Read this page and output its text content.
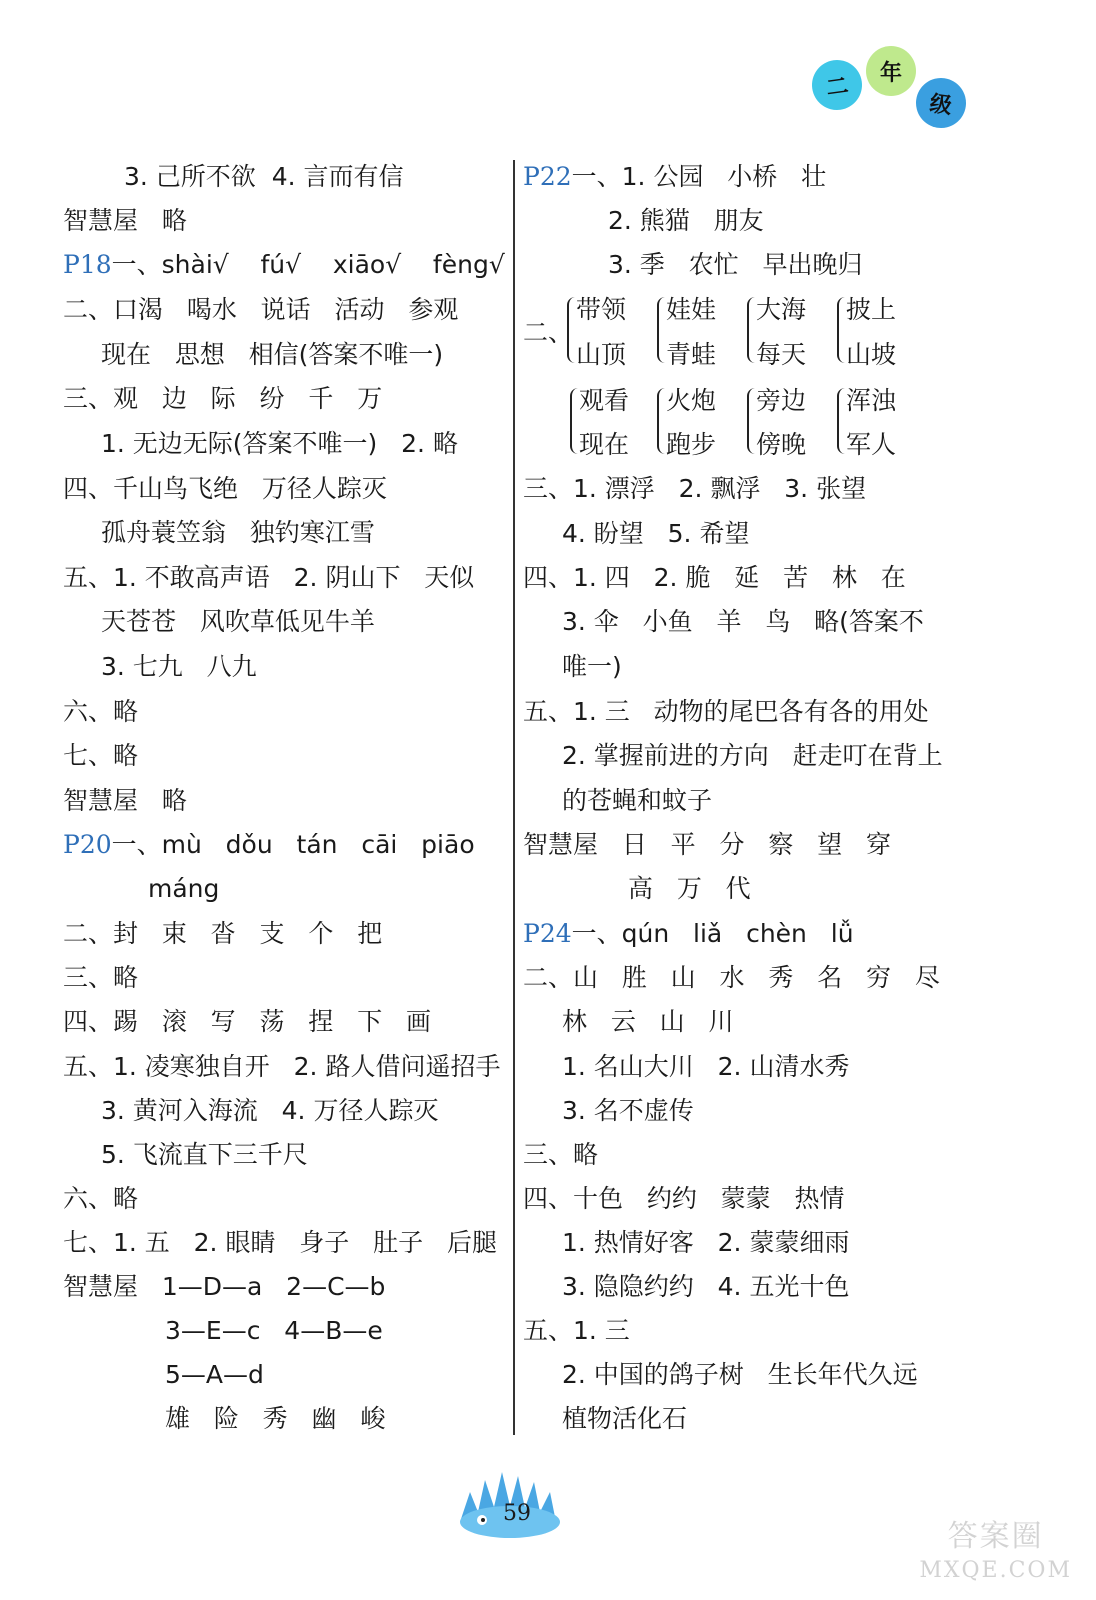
二
年
级
3. 己所不欲  4. 言而有信
智慧屋   略
P18一、shài√    fú√    xiāo√    fèng√
二、口渴   喝水   说话   活动   参观
现在   思想   相信(答案不唯一)
三、观   边   际   纷   千   万
1. 无边无际(答案不唯一)   2. 略
四、千山鸟飞绝   万径人踪灭
孤舟蓑笠翁   独钓寒江雪
五、1. 不敢高声语   2. 阴山下   天似
天苍苍   风吹草低见牛羊
3. 七九   八九
六、略
七、略
智慧屋   略
P20一、mù   dǒu   tán   cāi   piāo
máng
二、封   束   沓   支   个   把
三、略
四、踢   滚   写   荡   捏   下   画
五、1. 凌寒独自开   2. 路人借问遥招手
3. 黄河入海流   4. 万径人踪灭
5. 飞流直下三千尺
六、略
七、1. 五   2. 眼睛   身子   肚子   后腿
智慧屋   1—D—a   2—C—b
3—E—c   4—B—e
5—A—d
雄   险   秀   幽   峻
P22一、1. 公园   小桥   壮
2. 熊猫   朋友
3. 季   农忙   早出晚归
二、
带领
山顶
娃娃
青蛙
大海
每天
披上
山坡
观看
现在
火炮
跑步
旁边
傍晚
浑浊
军人
三、1. 漂浮   2. 飘浮   3. 张望
4. 盼望   5. 希望
四、1. 四   2. 脆   延   苦   林   在
3. 伞   小鱼   羊   鸟   略(答案不
唯一)
五、1. 三   动物的尾巴各有各的用处
2. 掌握前进的方向   赶走叮在背上
的苍蝇和蚊子
智慧屋   日   平   分   察   望   穿
高   万   代
P24一、qún   liǎ   chèn   lǚ
二、山   胜   山   水   秀   名   穷   尽
林   云   山   川
1. 名山大川   2. 山清水秀
3. 名不虚传
三、略
四、十色   约约   蒙蒙   热情
1. 热情好客   2. 蒙蒙细雨
3. 隐隐约约   4. 五光十色
五、1. 三
2. 中国的鸽子树   生长年代久远
植物活化石
59
答案圈
MXQE.COM
